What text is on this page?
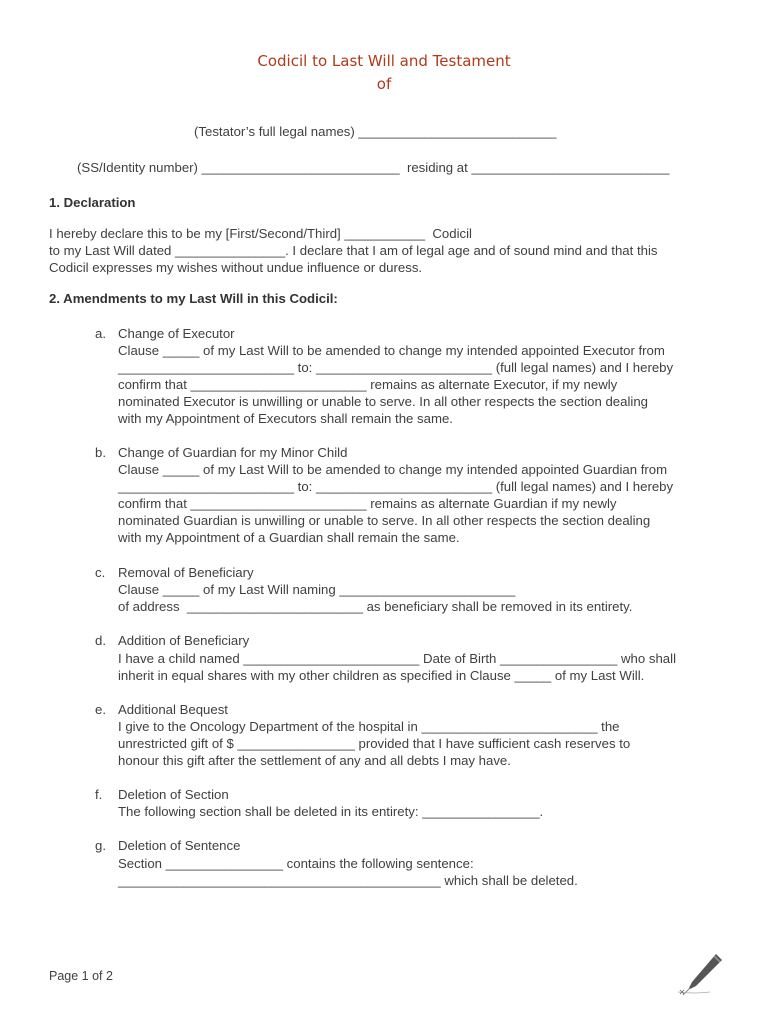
Codicil to Last Will and Testament
of
(Testator’s full legal names) ___________________________
(SS/Identity number) ___________________________  residing at ___________________________
1. Declaration
I hereby declare this to be my [First/Second/Third] ___________  Codicil
to my Last Will dated _______________. I declare that I am of legal age and of sound mind and that this
Codicil expresses my wishes without undue influence or duress.
2. Amendments to my Last Will in this Codicil:
a. Change of Executor
Clause _____ of my Last Will to be amended to change my intended appointed Executor from
________________________ to: ________________________ (full legal names) and I hereby
confirm that ________________________ remains as alternate Executor, if my newly
nominated Executor is unwilling or unable to serve. In all other respects the section dealing
with my Appointment of Executors shall remain the same.
b. Change of Guardian for my Minor Child
Clause _____ of my Last Will to be amended to change my intended appointed Guardian from
________________________ to: ________________________ (full legal names) and I hereby
confirm that ________________________ remains as alternate Guardian if my newly
nominated Guardian is unwilling or unable to serve. In all other respects the section dealing
with my Appointment of a Guardian shall remain the same.
c. Removal of Beneficiary
Clause _____ of my Last Will naming ________________________
of address  ________________________ as beneficiary shall be removed in its entirety.
d. Addition of Beneficiary
I have a child named ________________________ Date of Birth ________________ who shall
inherit in equal shares with my other children as specified in Clause _____ of my Last Will.
e. Additional Bequest
I give to the Oncology Department of the hospital in ________________________ the
unrestricted gift of $ ________________ provided that I have sufficient cash reserves to
honour this gift after the settlement of any and all debts I may have.
f. Deletion of Section
The following section shall be deleted in its entirety: ________________.
g. Deletion of Sentence
Section ________________ contains the following sentence:
____________________________________________ which shall be deleted.
Page 1 of 2
